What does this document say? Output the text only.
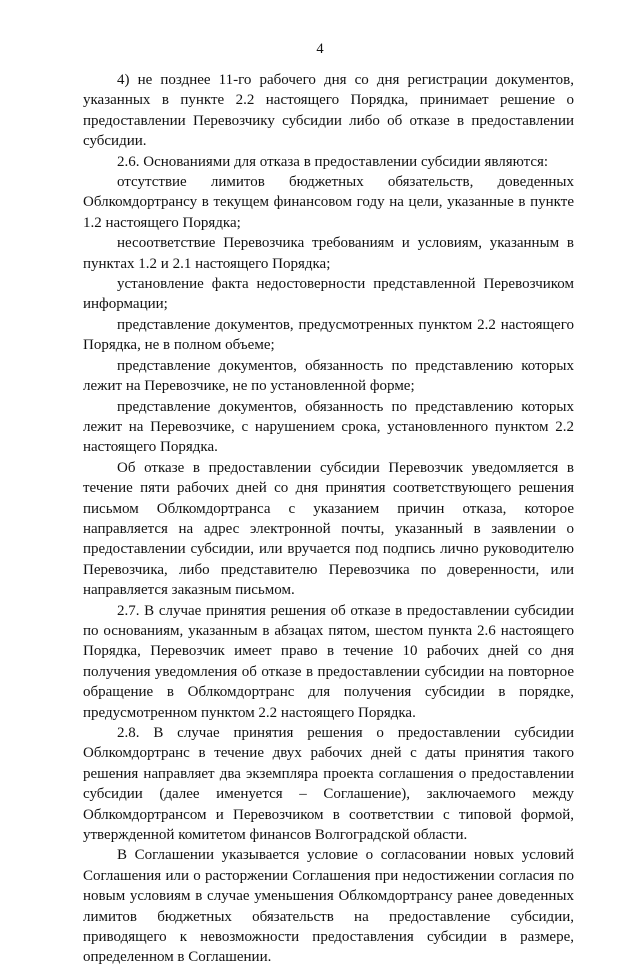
4

4) не позднее 11-го рабочего дня со дня регистрации документов, указанных в пункте 2.2 настоящего Порядка, принимает решение о предоставлении Перевозчику субсидии либо об отказе в предоставлении субсидии.

2.6. Основаниями для отказа в предоставлении субсидии являются:

отсутствие лимитов бюджетных обязательств, доведенных Облкомдортрансу в текущем финансовом году на цели, указанные в пункте 1.2 настоящего Порядка;

несоответствие Перевозчика требованиям и условиям, указанным в пунктах 1.2 и 2.1 настоящего Порядка;

установление факта недостоверности представленной Перевозчиком информации;

представление документов, предусмотренных пунктом 2.2 настоящего Порядка, не в полном объеме;

представление документов, обязанность по представлению которых лежит на Перевозчике, не по установленной форме;

представление документов, обязанность по представлению которых лежит на Перевозчике, с нарушением срока, установленного пунктом 2.2 настоящего Порядка.

Об отказе в предоставлении субсидии Перевозчик уведомляется в течение пяти рабочих дней со дня принятия соответствующего решения письмом Облкомдортранса с указанием причин отказа, которое направляется на адрес электронной почты, указанный в заявлении о предоставлении субсидии, или вручается под подпись лично руководителю Перевозчика, либо представителю Перевозчика по доверенности, или направляется заказным письмом.

2.7. В случае принятия решения об отказе в предоставлении субсидии по основаниям, указанным в абзацах пятом, шестом пункта 2.6 настоящего Порядка, Перевозчик имеет право в течение 10 рабочих дней со дня получения уведомления об отказе в предоставлении субсидии на повторное обращение в Облкомдортранс для получения субсидии в порядке, предусмотренном пунктом 2.2 настоящего Порядка.

2.8. В случае принятия решения о предоставлении субсидии Облкомдортранс в течение двух рабочих дней с даты принятия такого решения направляет два экземпляра проекта соглашения о предоставлении субсидии (далее именуется – Соглашение), заключаемого между Облкомдортрансом и Перевозчиком в соответствии с типовой формой, утвержденной комитетом финансов Волгоградской области.

В Соглашении указывается условие о согласовании новых условий Соглашения или о расторжении Соглашения при недостижении согласия по новым условиям в случае уменьшения Облкомдортрансу ранее доведенных лимитов бюджетных обязательств на предоставление субсидии, приводящего к невозможности предоставления субсидии в размере, определенном в Соглашении.
